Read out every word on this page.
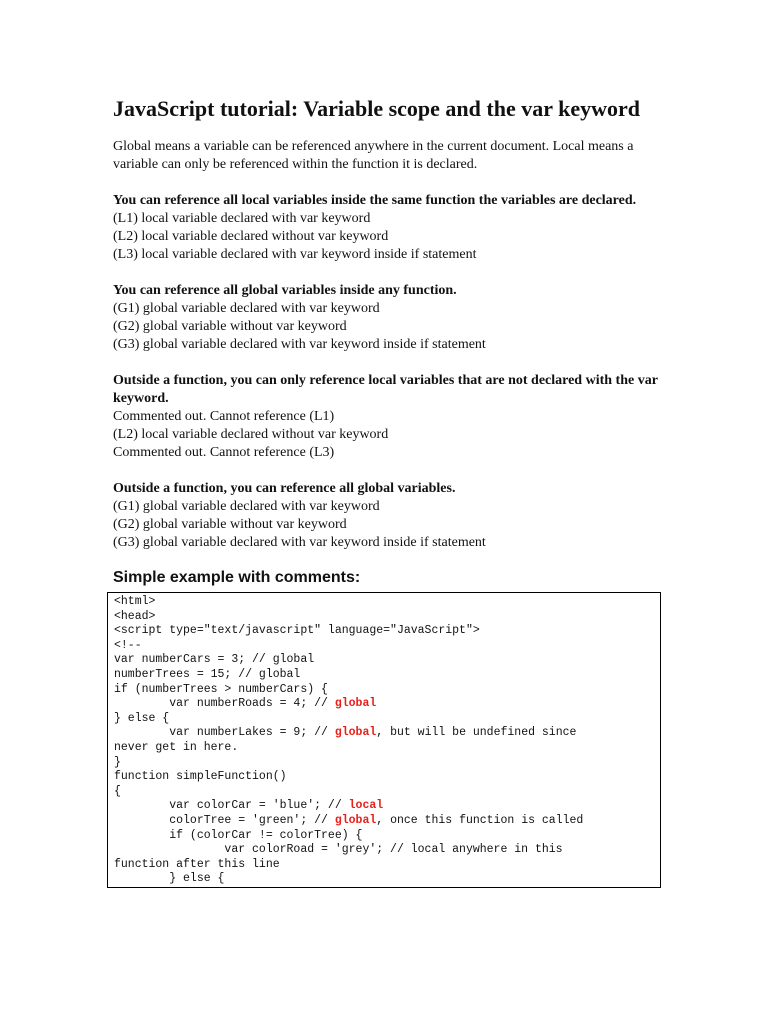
JavaScript tutorial: Variable scope and the var keyword

Global means a variable can be referenced anywhere in the current document. Local means a variable can only be referenced within the function it is declared.

You can reference all local variables inside the same function the variables are declared.

(L1) local variable declared with var keyword

(L2) local variable declared without var keyword

(L3) local variable declared with var keyword inside if statement

You can reference all global variables inside any function.

(G1) global variable declared with var keyword

(G2) global variable without var keyword

(G3) global variable declared with var keyword inside if statement

Outside a function, you can only reference local variables that are not declared with the var keyword.

Commented out. Cannot reference (L1)

(L2) local variable declared without var keyword

Commented out. Cannot reference (L3)

Outside a function, you can reference all global variables.

(G1) global variable declared with var keyword

(G2) global variable without var keyword

(G3) global variable declared with var keyword inside if statement

Simple example with comments:

<html>
<head>
<script type="text/javascript" language="JavaScript">
<!--
var numberCars = 3; // global
numberTrees = 15; // global
if (numberTrees > numberCars) {
var numberRoads = 4; // global
} else {
var numberLakes = 9; // global, but will be undefined since
never get in here.
}
function simpleFunction()
{
var colorCar = 'blue'; // local
colorTree = 'green'; // global, once this function is called
if (colorCar != colorTree) {
var colorRoad = 'grey'; // local anywhere in this
function after this line
} else {
